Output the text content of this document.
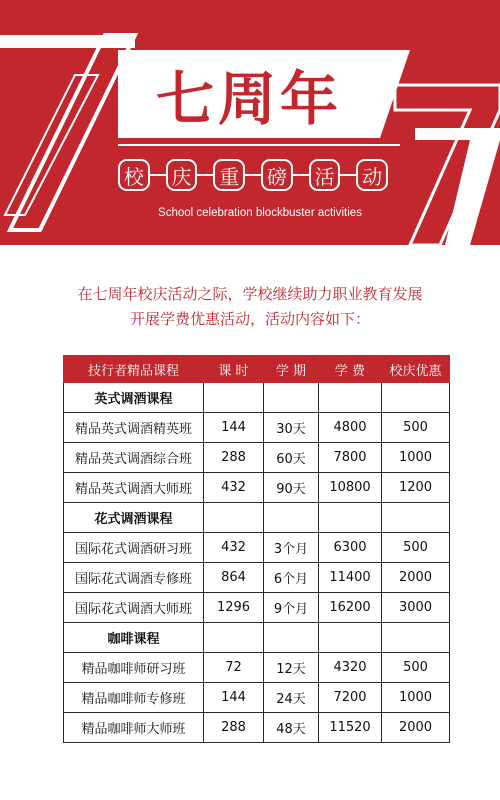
七周年
校 庆 重 磅 活 动
School celebration blockbuster activities
在七周年校庆活动之际，学校继续助力职业教育发展
开展学费优惠活动，活动内容如下：
技行者精品课程	课 时	学 期	学 费	校庆优惠
英式调酒课程				
精品英式调酒精英班	144	30天	4800	500
精品英式调酒综合班	288	60天	7800	1000
精品英式调酒大师班	432	90天	10800	1200
花式调酒课程				
国际花式调酒研习班	432	3个月	6300	500
国际花式调酒专修班	864	6个月	11400	2000
国际花式调酒大师班	1296	9个月	16200	3000
咖啡课程				
精品咖啡师研习班	72	12天	4320	500
精品咖啡师专修班	144	24天	7200	1000
精品咖啡师大师班	288	48天	11520	2000
